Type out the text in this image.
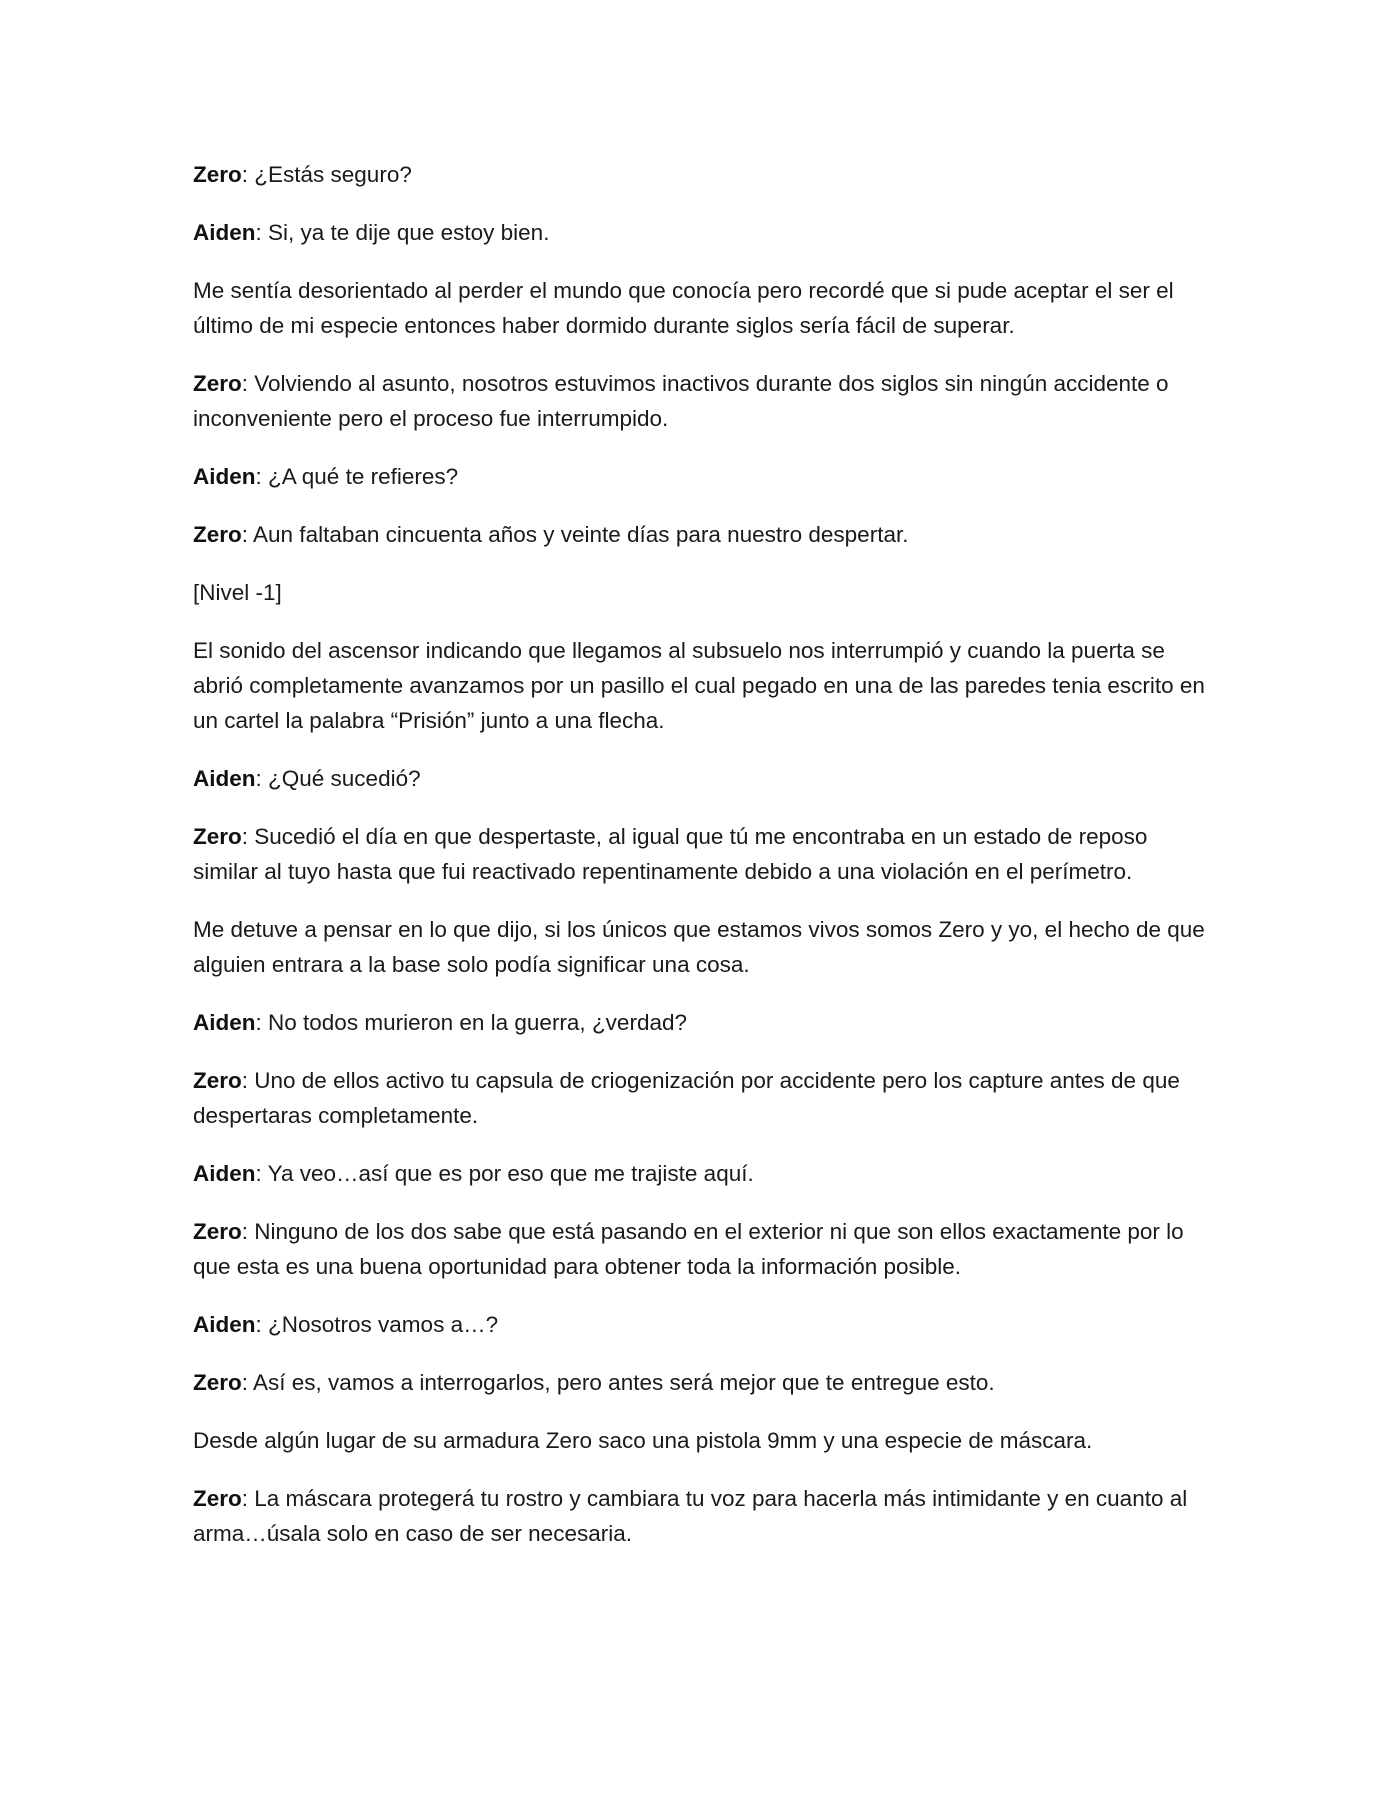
Zero: ¿Estás seguro?

Aiden: Si, ya te dije que estoy bien.

Me sentía desorientado al perder el mundo que conocía pero recordé que si pude aceptar el ser el último de mi especie entonces haber dormido durante siglos sería fácil de superar.

Zero: Volviendo al asunto, nosotros estuvimos inactivos durante dos siglos sin ningún accidente o inconveniente pero el proceso fue interrumpido.

Aiden: ¿A qué te refieres?

Zero: Aun faltaban cincuenta años y veinte días para nuestro despertar.

[Nivel -1]

El sonido del ascensor indicando que llegamos al subsuelo nos interrumpió y cuando la puerta se abrió completamente avanzamos por un pasillo el cual pegado en una de las paredes tenia escrito en un cartel la palabra “Prisión” junto a una flecha.

Aiden: ¿Qué sucedió?

Zero: Sucedió el día en que despertaste, al igual que tú me encontraba en un estado de reposo similar al tuyo hasta que fui reactivado repentinamente debido a una violación en el perímetro.

Me detuve a pensar en lo que dijo, si los únicos que estamos vivos somos Zero y yo, el hecho de que alguien entrara a la base solo podía significar una cosa.

Aiden: No todos murieron en la guerra, ¿verdad?

Zero: Uno de ellos activo tu capsula de criogenización por accidente pero los capture antes de que despertaras completamente.

Aiden: Ya veo…así que es por eso que me trajiste aquí.

Zero: Ninguno de los dos sabe que está pasando en el exterior ni que son ellos exactamente por lo que esta es una buena oportunidad para obtener toda la información posible.

Aiden: ¿Nosotros vamos a…?

Zero: Así es, vamos a interrogarlos, pero antes será mejor que te entregue esto.

Desde algún lugar de su armadura Zero saco una pistola 9mm y una especie de máscara.

Zero: La máscara protegerá tu rostro y cambiara tu voz para hacerla más intimidante y en cuanto al arma…úsala solo en caso de ser necesaria.
